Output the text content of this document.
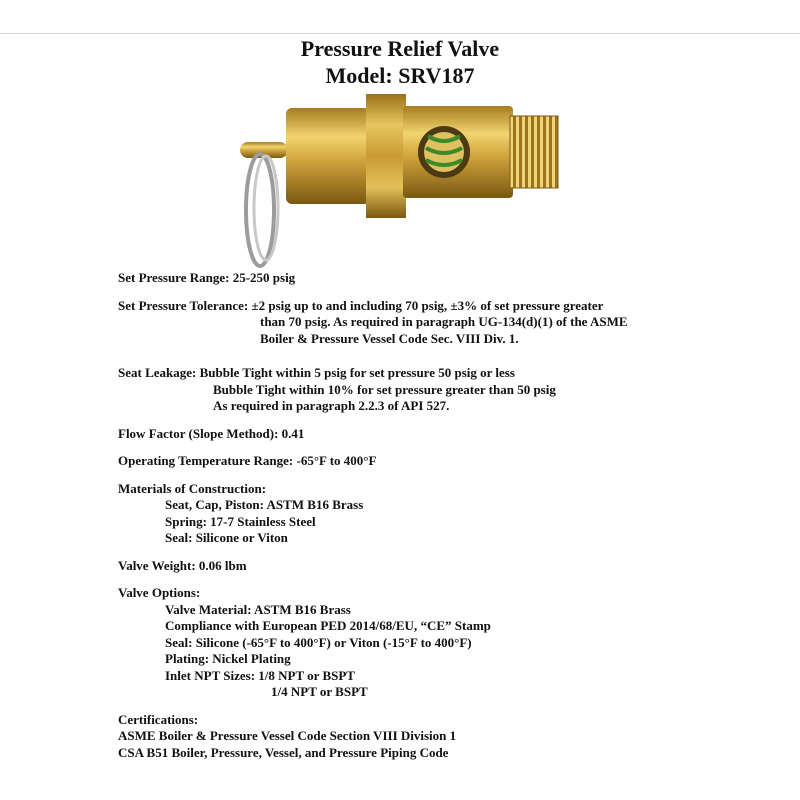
Pressure Relief Valve
Model: SRV187
Set Pressure Range: 25-250 psig
Set Pressure Tolerance: ±2 psig up to and including 70 psig, ±3% of set pressure greater
than 70 psig. As required in paragraph UG-134(d)(1) of the ASME
Boiler & Pressure Vessel Code Sec. VIII Div. 1.
Seat Leakage: Bubble Tight within 5 psig for set pressure 50 psig or less
Bubble Tight within 10% for set pressure greater than 50 psig
As required in paragraph 2.2.3 of API 527.
Flow Factor (Slope Method): 0.41
Operating Temperature Range: -65°F to 400°F
Materials of Construction:
Seat, Cap, Piston: ASTM B16 Brass
Spring: 17-7 Stainless Steel
Seal: Silicone or Viton
Valve Weight: 0.06 lbm
Valve Options:
Valve Material: ASTM B16 Brass
Compliance with European PED 2014/68/EU, “CE” Stamp
Seal: Silicone (-65°F to 400°F) or Viton (-15°F to 400°F)
Plating: Nickel Plating
Inlet NPT Sizes: 1/8 NPT or BSPT
1/4 NPT or BSPT
Certifications:
ASME Boiler & Pressure Vessel Code Section VIII Division 1
CSA B51 Boiler, Pressure, Vessel, and Pressure Piping Code
